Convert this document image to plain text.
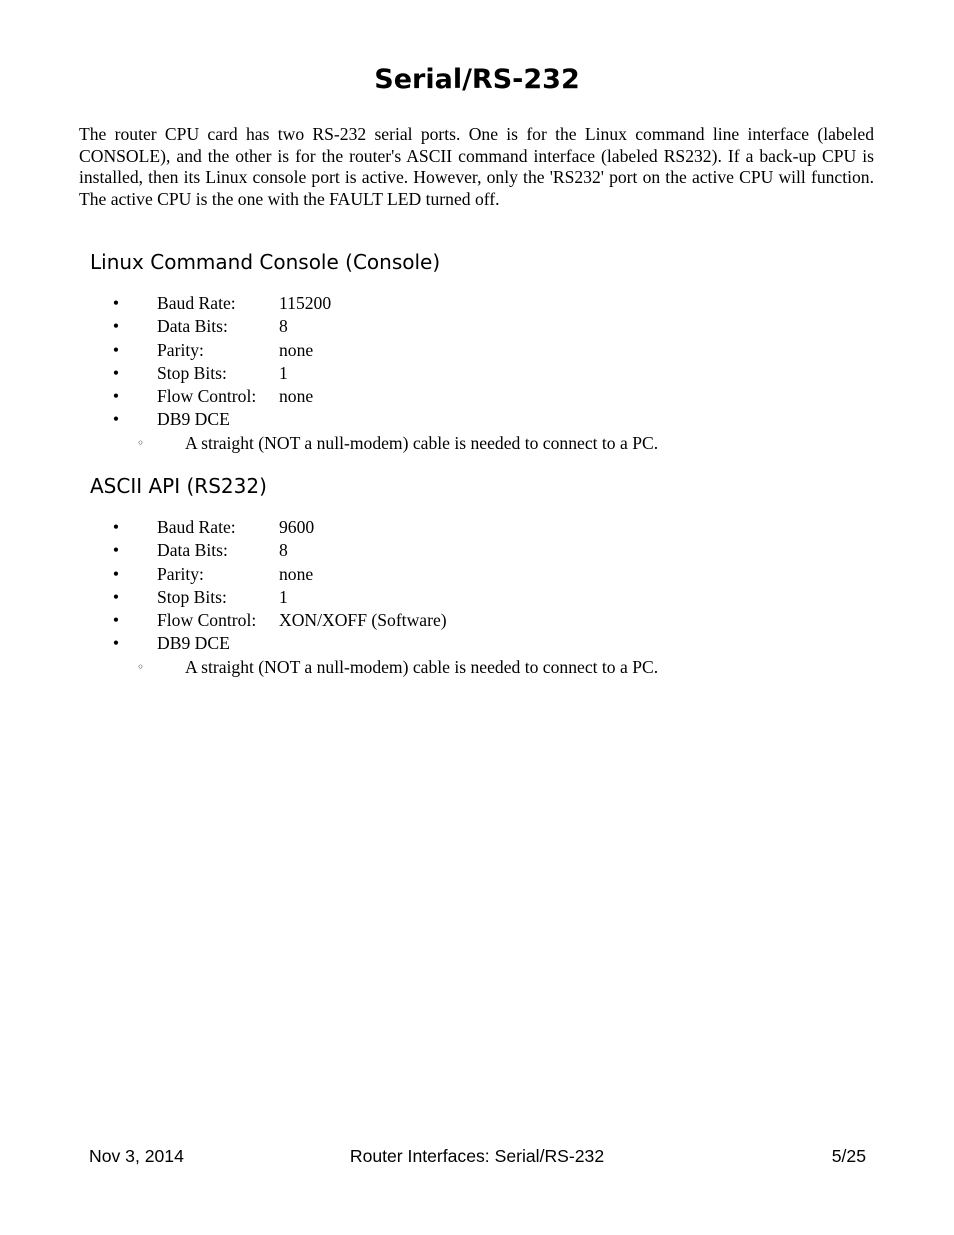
Serial/RS-232

The router CPU card has two RS-232 serial ports. One is for the Linux command line interface (labeled CONSOLE), and the other is for the router's ASCII command interface (labeled RS232). If a back-up CPU is installed, then its Linux console port is active. However, only the 'RS232' port on the active CPU will function. The active CPU is the one with the FAULT LED turned off.

Linux Command Console (Console)
• Baud Rate: 115200
• Data Bits:	8
• Parity:	none
• Stop Bits:	1
• Flow Control: none
• DB9 DCE
◦ A straight (NOT a null-modem) cable is needed to connect to a PC.
ASCII API (RS232)
• Baud Rate: 9600
• Data Bits:	8
• Parity:	none
• Stop Bits:	1
• Flow Control: XON/XOFF (Software)
• DB9 DCE
◦ A straight (NOT a null-modem) cable is needed to connect to a PC.
Nov 3, 2014	Router Interfaces: Serial/RS-232	5/25
